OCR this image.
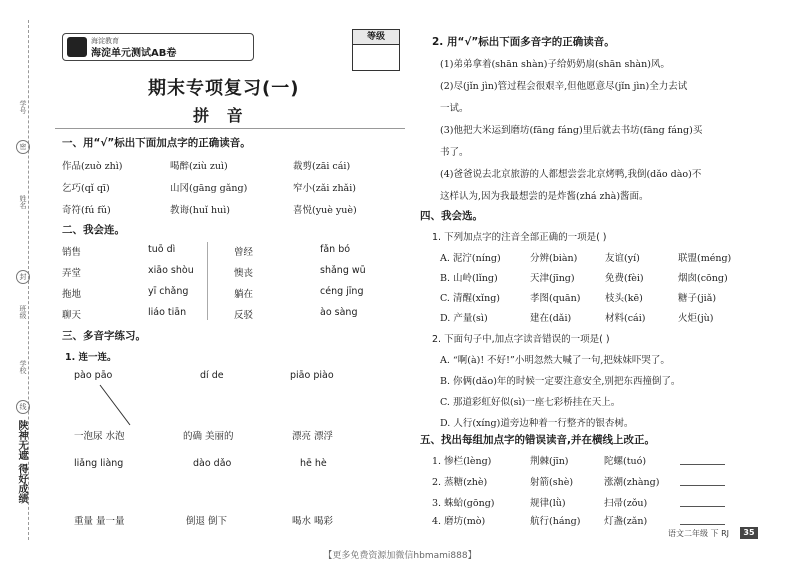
学号
密
姓名
封
班级
学校
线
陕神无遮 得好成绩
海淀教育
海淀单元测试AB卷
等级
期末专项复习(一)
拼 音
一、用“√”标出下面加点字的正确读音。
作品(zuò zhì)	喝醉(ziù zuì)	裁剪(zāi cái)
乞巧(qǐ qī)	山冈(gāng gǎng)	窄小(zǎi zhǎi)
奇符(fú fǔ)	教诲(huǐ huì)	喜悦(yuè yuè)
二、我会连。
销售
弄堂
拖地
聊天
tuō dì
xiāo shòu
yī chǎng
liáo tiān
曾经
懊丧
躺在
反驳
fǎn bó
shǎng wū
céng jīng
ào sàng
三、多音字练习。
1. 连一连。
pào pāo	dí de	piāo piào
一泡尿 水泡	的确 美丽的	漂亮 漂浮
liǎng liàng	dào dǎo	hē hè
重量 量一量	倒退 倒下	喝水 喝彩
2. 用“√”标出下面多音字的正确读音。
(1)弟弟拿着(shān shàn)子给奶奶扇(shān shàn)风。
(2)尽(jǐn jìn)管过程会很艰辛,但他愿意尽(jǐn jìn)全力去试
一试。
(3)他把大米运到磨坊(fāng fáng)里后就去书坊(fāng fáng)买
书了。
(4)爸爸说去北京旅游的人都想尝尝北京烤鸭,我倒(dǎo dào)不
这样认为,因为我最想尝的是炸酱(zhá zhà)酱面。
四、我会选。
1. 下列加点字的注音全部正确的一项是( )
A. 泥泞(níng)	分辨(biàn)	友谊(yí)	联盟(méng)
B. 山岭(lǐng)	天津(jīng)	免费(fèi)	烟囱(cōng)
C. 清醒(xǐng)	孝图(quān)	枝头(kē)	糖子(jiǎ)
D. 产量(sì)	建在(dǎi)	材料(cái)	火炬(jù)
2. 下面句子中,加点字读音错误的一项是( )
A. “啊(à)! 不好!”小明忽然大喊了一句,把妹妹吓哭了。
B. 你俩(dǎo)年的时候一定要注意安全,别把东西撞倒了。
C. 那道彩虹好似(sì)一座七彩桥挂在天上。
D. 人行(xíng)道旁边种着一行整齐的银杏树。
五、找出每组加点字的错误读音,并在横线上改正。
1. 惨栏(lèng)	荆棘(jīn)	陀螺(tuó)
2. 蒸糖(zhè)	射箭(shè)	涨潮(zhàng)
3. 蛛蛤(gōng)	规律(lǜ)	扫帚(zǒu)
4. 磨坊(mò)	航行(háng) 灯盏(zǎn)
语文二年级 下 RJ	35
【更多免费资源加微信hbmami888】
